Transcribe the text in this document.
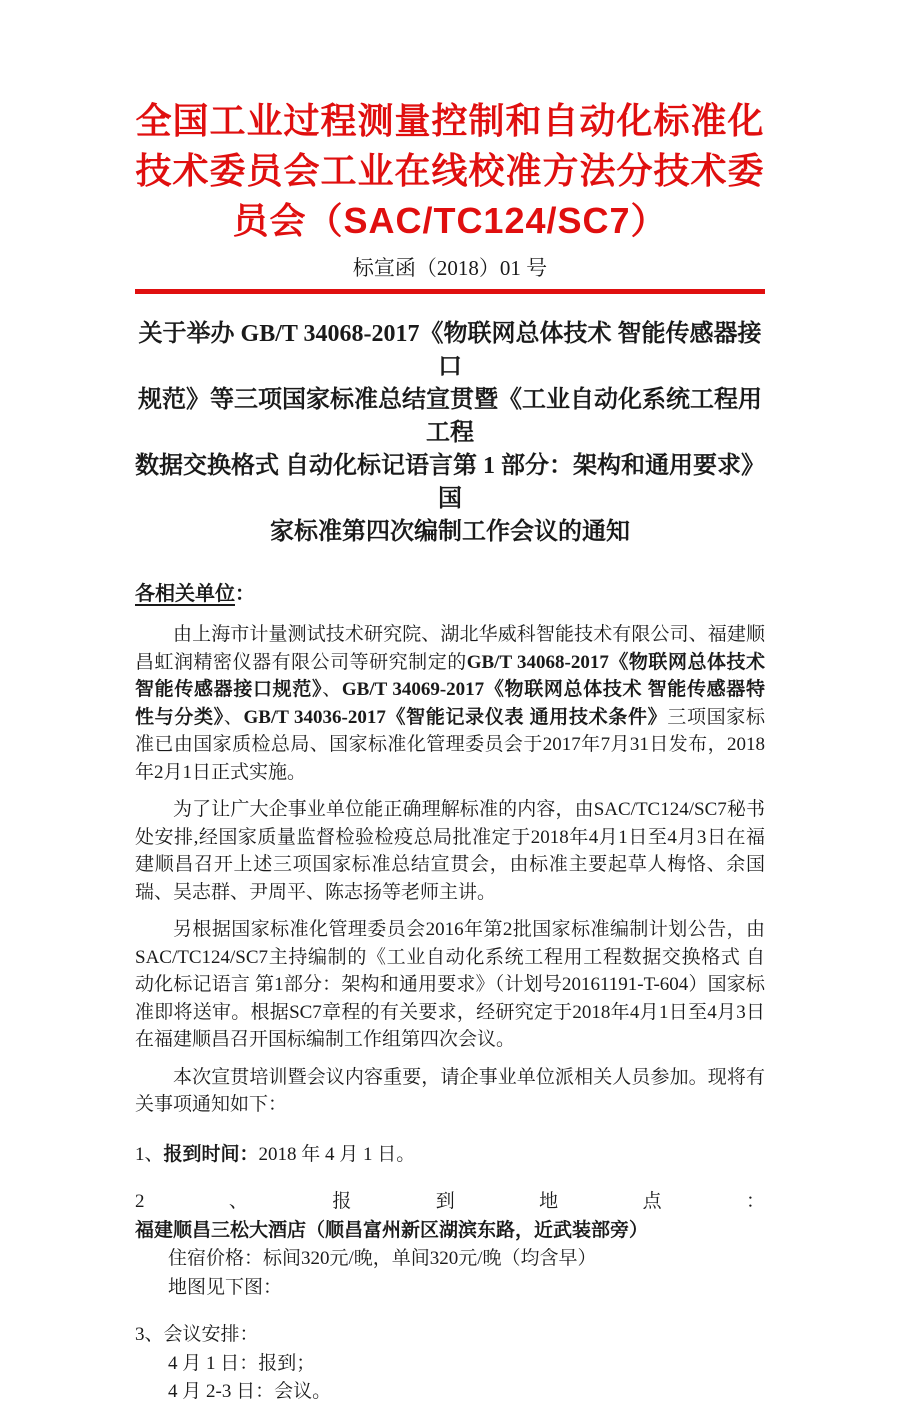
全国工业过程测量控制和自动化标准化
技术委员会工业在线校准方法分技术委
员会（SAC/TC124/SC7）
标宣函（2018）01 号
关于举办 GB/T 34068-2017《物联网总体技术 智能传感器接口
规范》等三项国家标准总结宣贯暨《工业自动化系统工程用工程
数据交换格式 自动化标记语言第 1 部分：架构和通用要求》国
家标准第四次编制工作会议的通知
各相关单位：

由上海市计量测试技术研究院、湖北华威科智能技术有限公司、福建顺昌虹润精密仪器有限公司等研究制定的GB/T 34068-2017《物联网总体技术 智能传感器接口规范》、GB/T 34069-2017《物联网总体技术 智能传感器特性与分类》、GB/T 34036-2017《智能记录仪表 通用技术条件》三项国家标准已由国家质检总局、国家标准化管理委员会于2017年7月31日发布，2018年2月1日正式实施。

为了让广大企事业单位能正确理解标准的内容，由SAC/TC124/SC7秘书处安排,经国家质量监督检验检疫总局批准定于2018年4月1日至4月3日在福建顺昌召开上述三项国家标准总结宣贯会，由标准主要起草人梅恪、余国瑞、吴志群、尹周平、陈志扬等老师主讲。

另根据国家标准化管理委员会2016年第2批国家标准编制计划公告，由SAC/TC124/SC7主持编制的《工业自动化系统工程用工程数据交换格式 自动化标记语言 第1部分：架构和通用要求》（计划号20161191-T-604）国家标准即将送审。根据SC7章程的有关要求，经研究定于2018年4月1日至4月3日在福建顺昌召开国标编制工作组第四次会议。

本次宣贯培训暨会议内容重要，请企事业单位派相关人员参加。现将有关事项通知如下：

1、报到时间：2018 年 4 月 1 日。
2、报到地点：福建顺昌三松大酒店（顺昌富州新区湖滨东路，近武装部旁）
住宿价格：标间320元/晚，单间320元/晚（均含早）
地图见下图：
3、会议安排：
4 月 1 日：报到；
4 月 2-3 日：会议。
